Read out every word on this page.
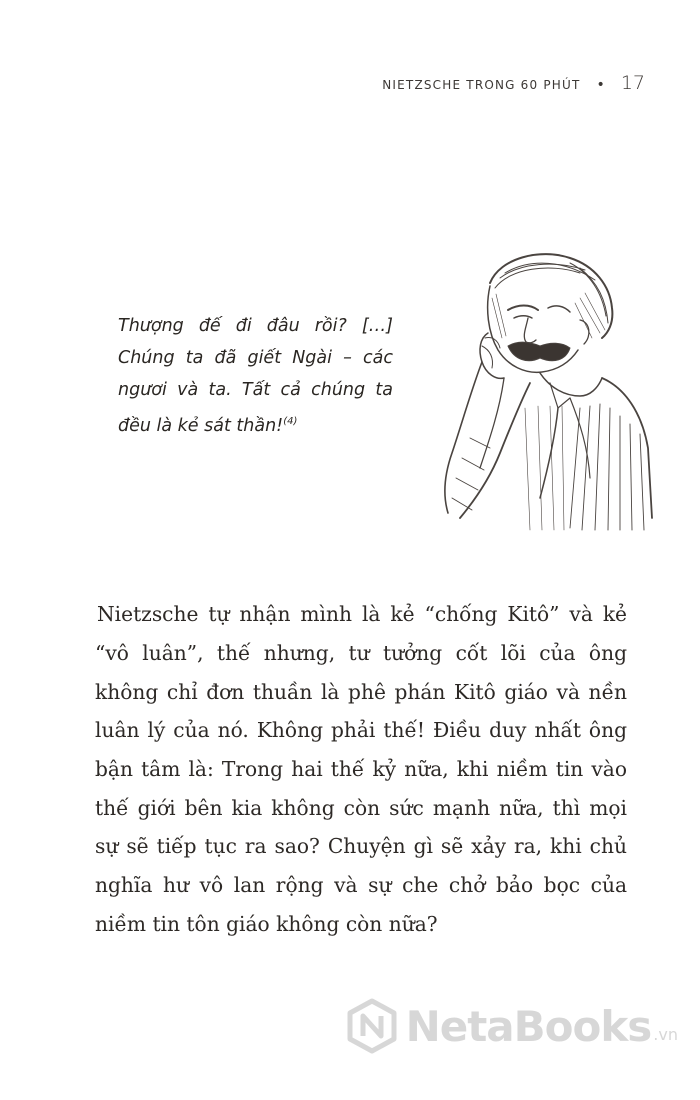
NIETZSCHE TRONG 60 PHÚT • 17
Thượng đế đi đâu rồi? […] Chúng ta đã giết Ngài – các ngươi và ta. Tất cả chúng ta đều là kẻ sát thần!$^{(4)}$

Nietzsche tự nhận mình là kẻ “chống Kitô” và kẻ “vô luân”, thế nhưng, tư tưởng cốt lõi của ông không chỉ đơn thuần là phê phán Kitô giáo và nền luân lý của nó. Không phải thế! Điều duy nhất ông bận tâm là: Trong hai thế kỷ nữa, khi niềm tin vào thế giới bên kia không còn sức mạnh nữa, thì mọi sự sẽ tiếp tục ra sao? Chuyện gì sẽ xảy ra, khi chủ nghĩa hư vô lan rộng và sự che chở bảo bọc của niềm tin tôn giáo không còn nữa?

NetaBooks .vn
